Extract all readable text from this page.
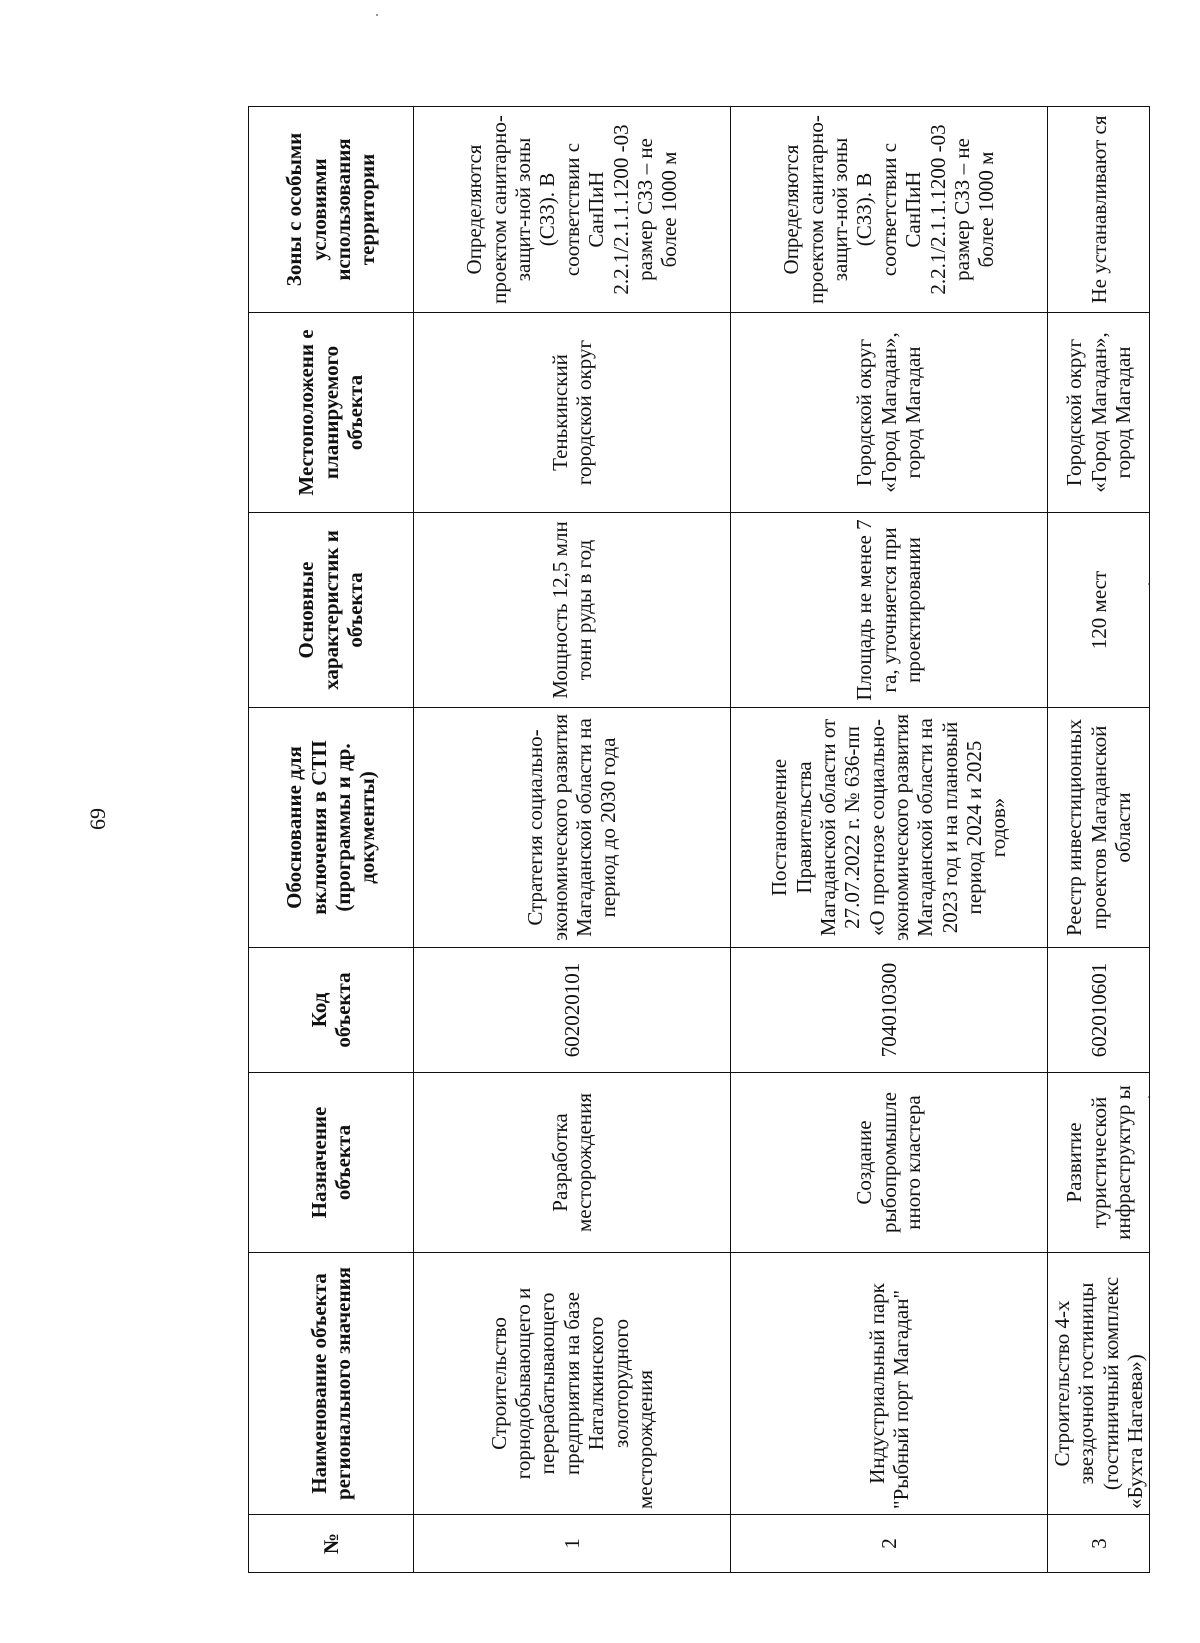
69
№	Наименование объекта регионального значения	Назначение объекта	Код объекта	Обоснование для включения в СТП (программы и др. документы)	Основные характеристик и объекта	Местоположени е планируемого объекта	Зоны с особыми условиями использования территории
1	Строительство горнодобывающего и перерабатывающего предприятия на базе Наталкинского золоторудного месторождения	Разработка месторождения	602020101	Стратегия социально-экономического развития Магаданской области на период до 2030 года	Мощность 12,5 млн тонн руды в год	Тенькинский городской округ	Определяются проектом санитарно-защит-ной зоны (СЗЗ). В соответствии с СанПиН 2.2.1/2.1.1.1200 -03 размер СЗЗ – не более 1000 м
2	Индустриальный парк "Рыбный порт Магадан"	Создание рыбопромышле нного кластера	704010300	Постановление Правительства Магаданской области от 27.07.2022 г. № 636-пп «О прогнозе социально-экономического развития Магаданской области на 2023 год и на плановый период 2024 и 2025 годов»	Площадь не менее 7 га, уточняется при проектировании	Городской округ «Город Магадан», город Магадан	Определяются проектом санитарно-защит-ной зоны (СЗЗ). В соответствии с СанПиН 2.2.1/2.1.1.1200 -03 размер СЗЗ – не более 1000 м
3	Строительство 4-х звездочной гостиницы (гостиничный комплекс «Бухта Нагаева»)	Развитие туристической инфраструктур ы	602010601	Реестр инвестиционных проектов Магаданской области	120 мест	Городской округ «Город Магадан», город Магадан	Не устанавливают ся
